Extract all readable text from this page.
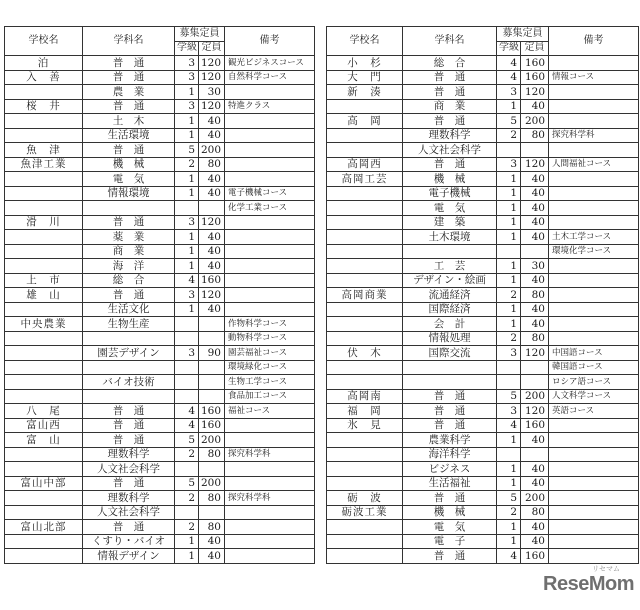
学校名	学科名	募集定員		備考
		学級	定員	
泊	普　通	3	120	観光ビジネスコース
入　善	普　通	3	120	自然科学コース
	農　業	1	30	
桜　井	普　通	3	120	特進クラス
	土　木	1	40	
	生活環境	1	40	
魚　津	普　通	5	200	
魚津工業	機　械	2	80	
	電　気	1	40	
	情報環境	1	40	電子機械コース
				化学工業コース
滑　川	普　通	3	120	
	薬　業	1	40	
	商　業	1	40	
	海　洋	1	40	
上　市	総　合	4	160	
雄　山	普　通	3	120	
	生活文化	1	40	
中央農業	生物生産			作物科学コース
				動物科学コース
	園芸デザイン	3	90	園芸福祉コース
				環境緑化コース
	バイオ技術			生物工学コース
				食品加工コース
八　尾	普　通	4	160	福祉コース
富山西	普　通	4	160	
富　山	普　通	5	200	
	理数科学	2	80	探究科学科
	人文社会科学			
富山中部	普　通	5	200	
	理数科学	2	80	探究科学科
	人文社会科学			
富山北部	普　通	2	80	
	くすり・バイオ	1	40	
	情報デザイン	1	40	
学校名	学科名	募集定員		備考
		学級	定員	
小　杉	総　合	4	160	
大　門	普　通	4	160	情報コース
新　湊	普　通	3	120	
	商　業	1	40	
高　岡	普　通	5	200	
	理数科学	2	80	探究科学科
	人文社会科学			
高岡西	普　通	3	120	人間福祉コース
高岡工芸	機　械	1	40	
	電子機械	1	40	
	電　気	1	40	
	建　築	1	40	
	土木環境	1	40	土木工学コース
				環境化学コース
	工　芸	1	30	
	デザイン・絵画	1	40	
高岡商業	流通経済	2	80	
	国際経済	1	40	
	会　計	1	40	
	情報処理	2	80	
伏　木	国際交流	3	120	中国語コース
				韓国語コース
				ロシア語コース
高岡南	普　通	5	200	人文科学コース
福　岡	普　通	3	120	英語コース
氷　見	普　通	4	160	
	農業科学	1	40	
	海洋科学			
	ビジネス	1	40	
	生活福祉	1	40	
砺　波	普　通	5	200	
砺波工業	機　械	2	80	
	電　気	1	40	
	電　子	1	40	
	普　通	4	160	
リセマム
ReseMom
